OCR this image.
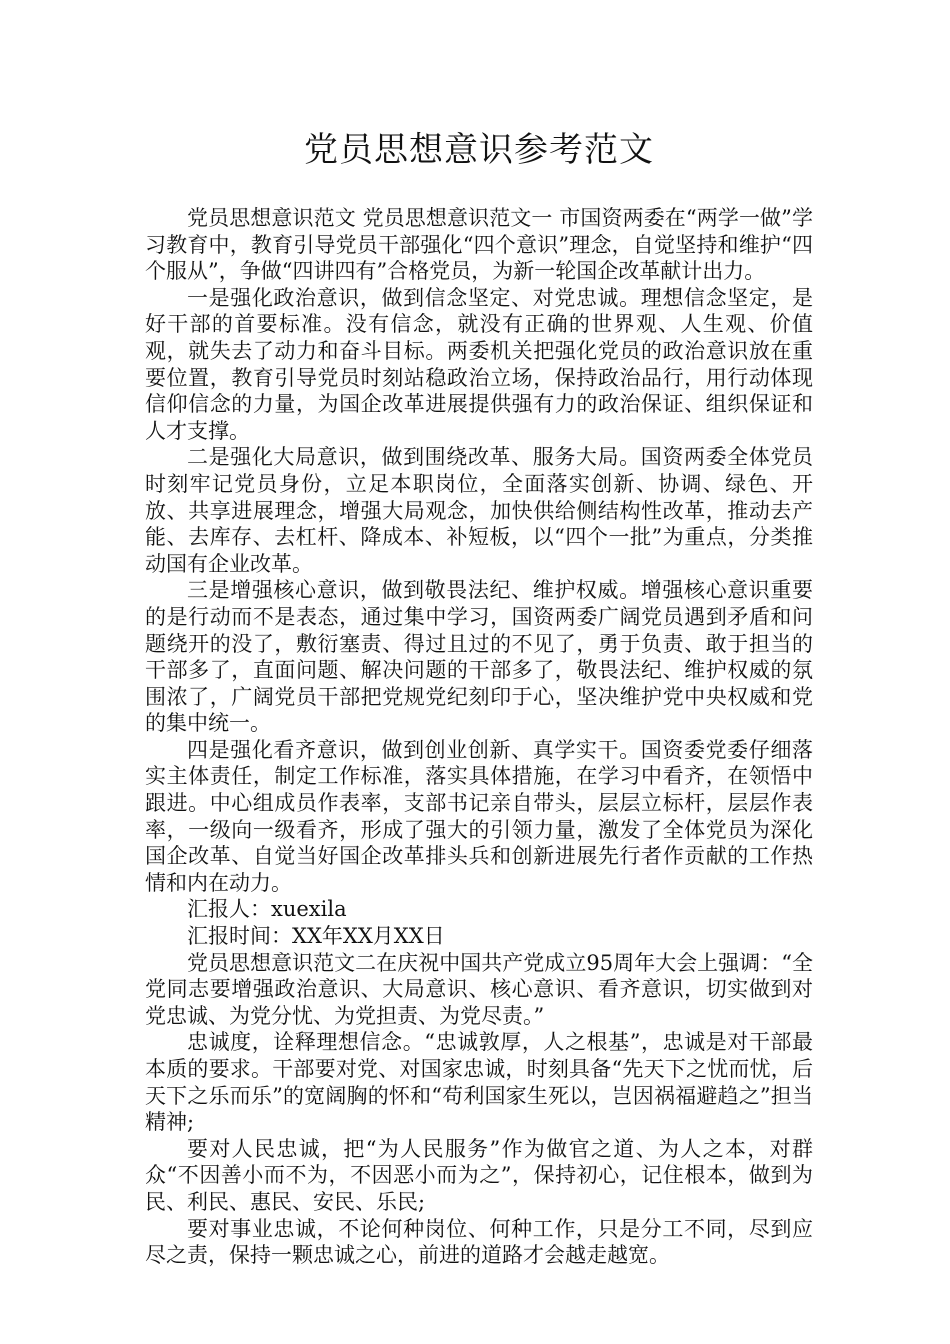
党员思想意识参考范文

党员思想意识范文 党员思想意识范文一 市国资两委在“两学一做”学习教育中，教育引导党员干部强化“四个意识”理念，自觉坚持和维护“四个服从”，争做“四讲四有”合格党员，为新一轮国企改革献计出力。

一是强化政治意识，做到信念坚定、对党忠诚。理想信念坚定，是好干部的首要标准。没有信念，就没有正确的世界观、人生观、价值观，就失去了动力和奋斗目标。两委机关把强化党员的政治意识放在重要位置，教育引导党员时刻站稳政治立场，保持政治品行，用行动体现信仰信念的力量，为国企改革进展提供强有力的政治保证、组织保证和人才支撑。

二是强化大局意识，做到围绕改革、服务大局。国资两委全体党员时刻牢记党员身份，立足本职岗位，全面落实创新、协调、绿色、开放、共享进展理念，增强大局观念，加快供给侧结构性改革，推动去产能、去库存、去杠杆、降成本、补短板，以“四个一批”为重点，分类推动国有企业改革。

三是增强核心意识，做到敬畏法纪、维护权威。增强核心意识重要的是行动而不是表态，通过集中学习，国资两委广阔党员遇到矛盾和问题绕开的没了，敷衍塞责、得过且过的不见了，勇于负责、敢于担当的干部多了，直面问题、解决问题的干部多了，敬畏法纪、维护权威的氛围浓了，广阔党员干部把党规党纪刻印于心，坚决维护党中央权威和党的集中统一。

四是强化看齐意识，做到创业创新、真学实干。国资委党委仔细落实主体责任，制定工作标准，落实具体措施，在学习中看齐，在领悟中跟进。中心组成员作表率，支部书记亲自带头，层层立标杆，层层作表率，一级向一级看齐，形成了强大的引领力量，激发了全体党员为深化国企改革、自觉当好国企改革排头兵和创新进展先行者作贡献的工作热情和内在动力。

汇报人：xuexila

汇报时间：XX年XX月XX日

党员思想意识范文二在庆祝中国共产党成立95周年大会上强调：“全党同志要增强政治意识、大局意识、核心意识、看齐意识，切实做到对党忠诚、为党分忧、为党担责、为党尽责。”

忠诚度，诠释理想信念。“忠诚敦厚，人之根基”，忠诚是对干部最本质的要求。干部要对党、对国家忠诚，时刻具备“先天下之忧而忧，后天下之乐而乐”的宽阔胸的怀和“苟利国家生死以，岂因祸福避趋之”担当精神;

要对人民忠诚，把“为人民服务”作为做官之道、为人之本，对群众“不因善小而不为，不因恶小而为之”，保持初心，记住根本，做到为民、利民、惠民、安民、乐民;

要对事业忠诚，不论何种岗位、何种工作，只是分工不同，尽到应尽之责，保持一颗忠诚之心，前进的道路才会越走越宽。
